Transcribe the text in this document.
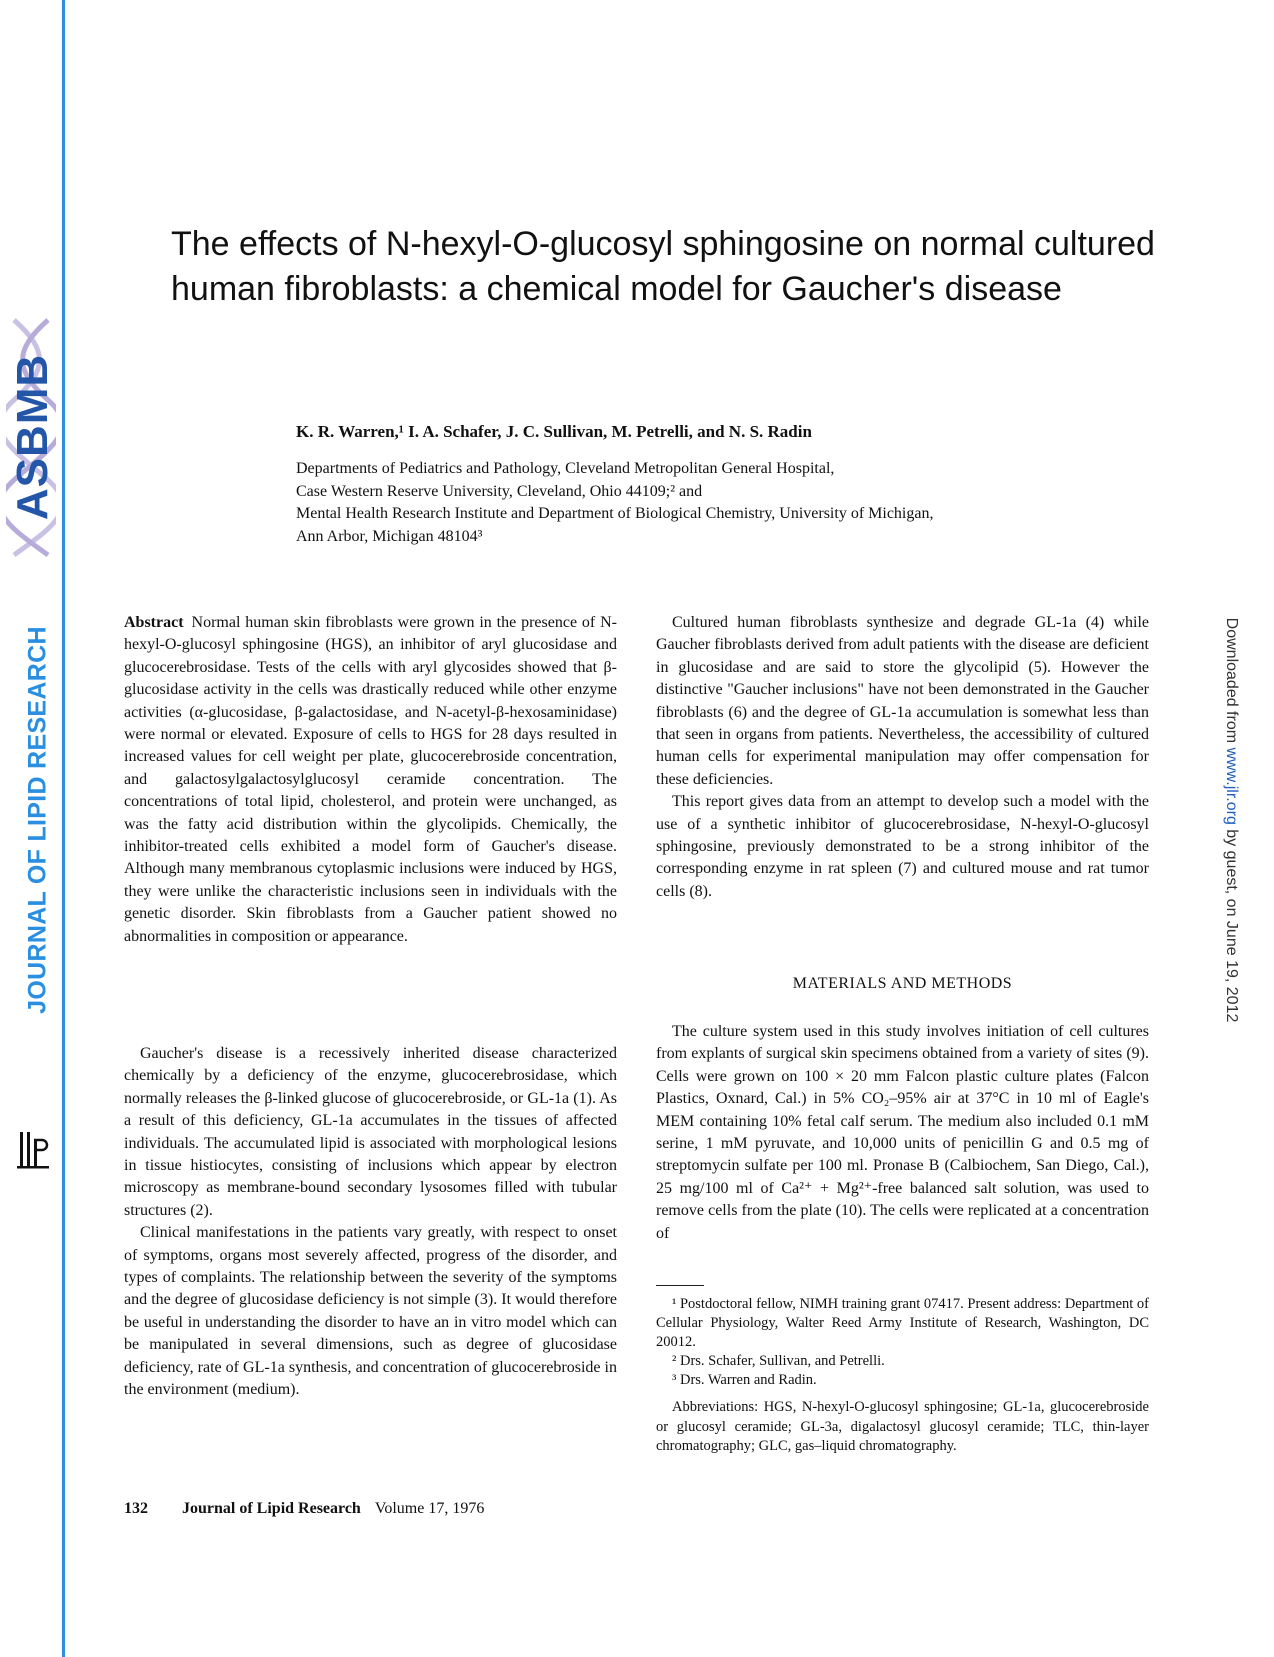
ASBMB
JOURNAL OF LIPID RESEARCH	Downloaded from www.jlr.org by guest, on June 19, 2012
The effects of N-hexyl-O-glucosyl sphingosine on normal cultured human fibroblasts: a chemical model for Gaucher's disease
K. R. Warren,¹ I. A. Schafer, J. C. Sullivan, M. Petrelli, and N. S. Radin
Departments of Pediatrics and Pathology, Cleveland Metropolitan General Hospital,
Case Western Reserve University, Cleveland, Ohio 44109;² and
Mental Health Research Institute and Department of Biological Chemistry, University of Michigan,
Ann Arbor, Michigan 48104³

Abstract Normal human skin fibroblasts were grown in the presence of N-hexyl-O-glucosyl sphingosine (HGS), an inhibitor of aryl glucosidase and glucocerebrosidase. Tests of the cells with aryl glycosides showed that β-glucosidase activity in the cells was drastically reduced while other enzyme activities (α-glucosidase, β-galactosidase, and N-acetyl-β-hexosaminidase) were normal or elevated. Exposure of cells to HGS for 28 days resulted in increased values for cell weight per plate, glucocerebroside concentration, and galactosylgalactosylglucosyl ceramide concentration. The concentrations of total lipid, cholesterol, and protein were unchanged, as was the fatty acid distribution within the glycolipids. Chemically, the inhibitor-treated cells exhibited a model form of Gaucher's disease. Although many membranous cytoplasmic inclusions were induced by HGS, they were unlike the characteristic inclusions seen in individuals with the genetic disorder. Skin fibroblasts from a Gaucher patient showed no abnormalities in composition or appearance.

Gaucher's disease is a recessively inherited disease characterized chemically by a deficiency of the enzyme, glucocerebrosidase, which normally releases the β-linked glucose of glucocerebroside, or GL-1a (1). As a result of this deficiency, GL-1a accumulates in the tissues of affected individuals. The accumulated lipid is associated with morphological lesions in tissue histiocytes, consisting of inclusions which appear by electron microscopy as membrane-bound secondary lysosomes filled with tubular structures (2).

Clinical manifestations in the patients vary greatly, with respect to onset of symptoms, organs most severely affected, progress of the disorder, and types of complaints. The relationship between the severity of the symptoms and the degree of glucosidase deficiency is not simple (3). It would therefore be useful in understanding the disorder to have an in vitro model which can be manipulated in several dimensions, such as degree of glucosidase deficiency, rate of GL-1a synthesis, and concentration of glucocerebroside in the environment (medium).

Cultured human fibroblasts synthesize and degrade GL-1a (4) while Gaucher fibroblasts derived from adult patients with the disease are deficient in glucosidase and are said to store the glycolipid (5). However the distinctive "Gaucher inclusions" have not been demonstrated in the Gaucher fibroblasts (6) and the degree of GL-1a accumulation is somewhat less than that seen in organs from patients. Nevertheless, the accessibility of cultured human cells for experimental manipulation may offer compensation for these deficiencies.

This report gives data from an attempt to develop such a model with the use of a synthetic inhibitor of glucocerebrosidase, N-hexyl-O-glucosyl sphingosine, previously demonstrated to be a strong inhibitor of the corresponding enzyme in rat spleen (7) and cultured mouse and rat tumor cells (8).

MATERIALS AND METHODS

The culture system used in this study involves initiation of cell cultures from explants of surgical skin specimens obtained from a variety of sites (9). Cells were grown on 100 × 20 mm Falcon plastic culture plates (Falcon Plastics, Oxnard, Cal.) in 5% CO₂–95% air at 37°C in 10 ml of Eagle's MEM containing 10% fetal calf serum. The medium also included 0.1 mM serine, 1 mM pyruvate, and 10,000 units of penicillin G and 0.5 mg of streptomycin sulfate per 100 ml. Pronase B (Calbiochem, San Diego, Cal.), 25 mg/100 ml of Ca²⁺ + Mg²⁺-free balanced salt solution, was used to remove cells from the plate (10). The cells were replicated at a concentration of

¹ Postdoctoral fellow, NIMH training grant 07417. Present address: Department of Cellular Physiology, Walter Reed Army Institute of Research, Washington, DC 20012.

² Drs. Schafer, Sullivan, and Petrelli.

³ Drs. Warren and Radin.

Abbreviations: HGS, N-hexyl-O-glucosyl sphingosine; GL-1a, glucocerebroside or glucosyl ceramide; GL-3a, digalactosyl glucosyl ceramide; TLC, thin-layer chromatography; GLC, gas–liquid chromatography.

132 Journal of Lipid Research Volume 17, 1976
